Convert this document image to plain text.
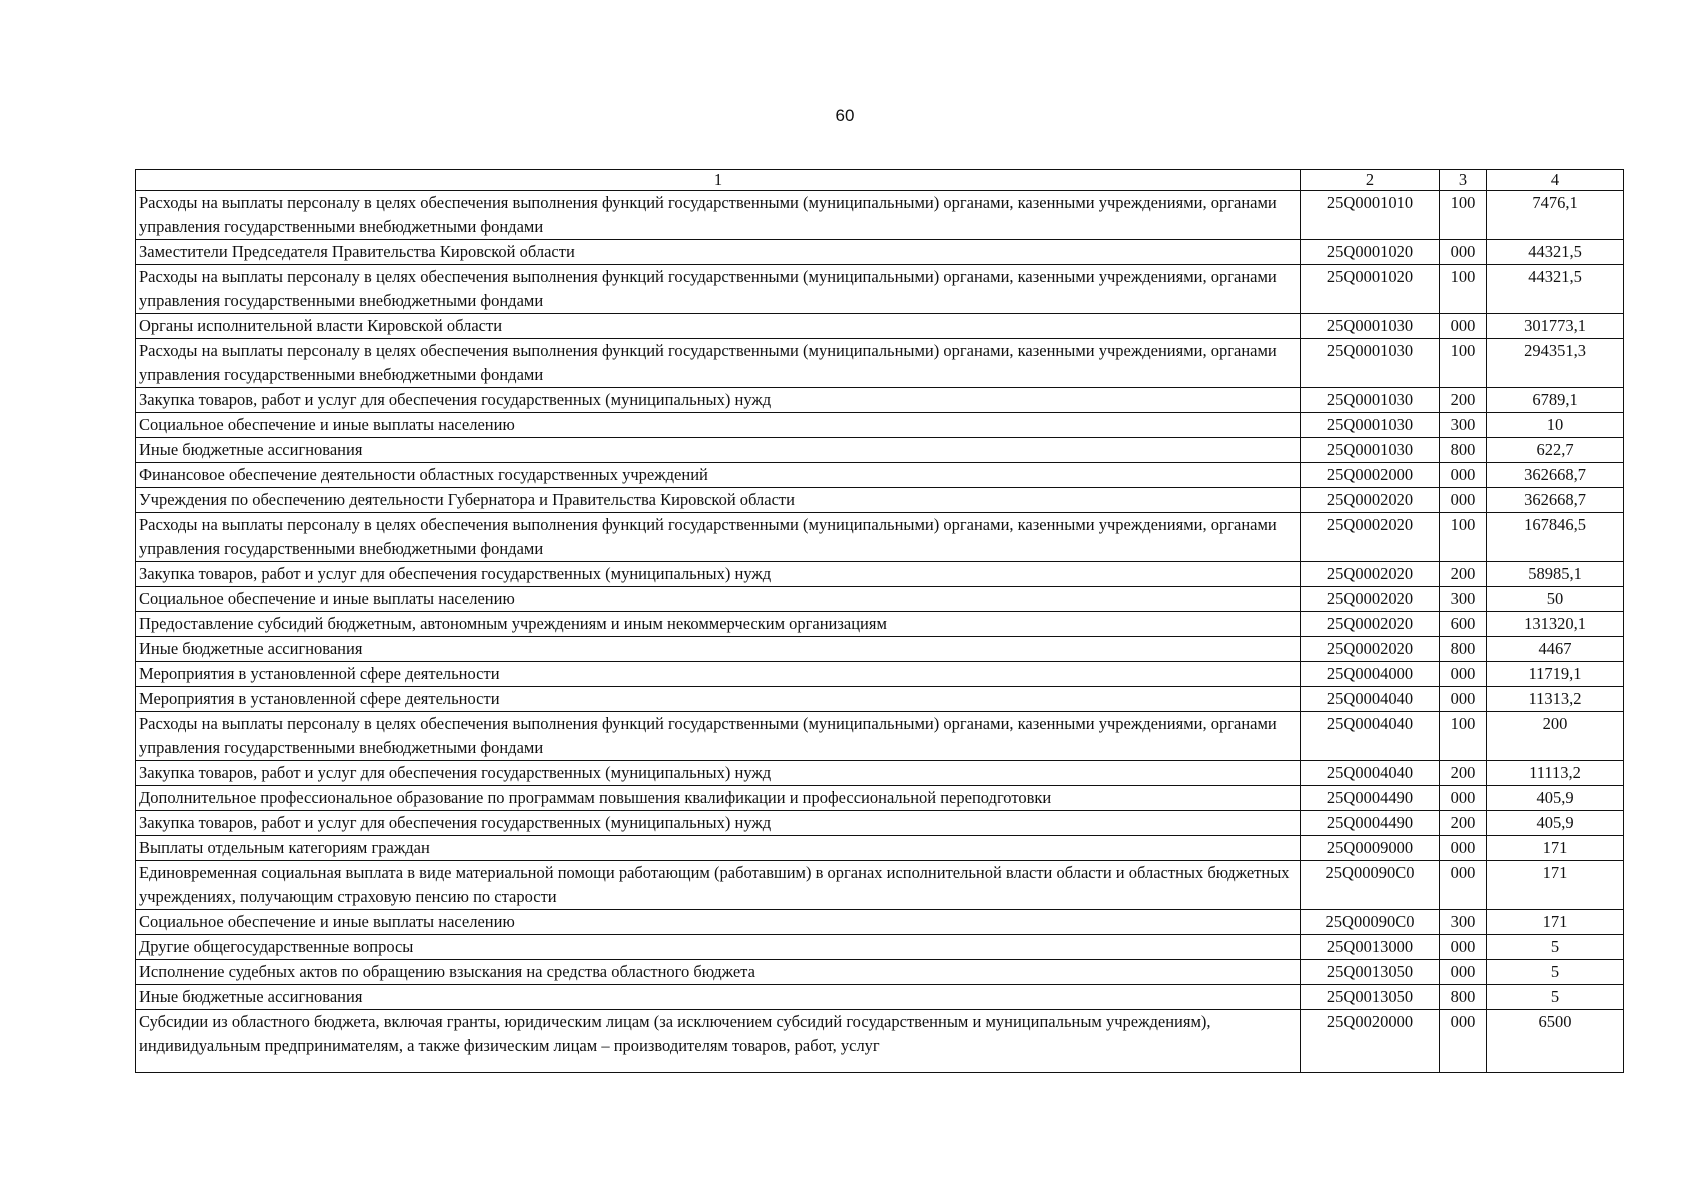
60
1	2	3	4
Расходы на выплаты персоналу в целях обеспечения выполнения функций государственными (муниципальными) органами, казенными учреждениями, органами управления государственными внебюджетными фондами	25Q0001010	100	7476,1
Заместители Председателя Правительства Кировской области	25Q0001020	000	44321,5
Расходы на выплаты персоналу в целях обеспечения выполнения функций государственными (муниципальными) органами, казенными учреждениями, органами управления государственными внебюджетными фондами	25Q0001020	100	44321,5
Органы исполнительной власти Кировской области	25Q0001030	000	301773,1
Расходы на выплаты персоналу в целях обеспечения выполнения функций государственными (муниципальными) органами, казенными учреждениями, органами управления государственными внебюджетными фондами	25Q0001030	100	294351,3
Закупка товаров, работ и услуг для обеспечения государственных (муниципальных) нужд	25Q0001030	200	6789,1
Социальное обеспечение и иные выплаты населению	25Q0001030	300	10
Иные бюджетные ассигнования	25Q0001030	800	622,7
Финансовое обеспечение деятельности областных государственных учреждений	25Q0002000	000	362668,7
Учреждения по обеспечению деятельности Губернатора и Правительства Кировской области	25Q0002020	000	362668,7
Расходы на выплаты персоналу в целях обеспечения выполнения функций государственными (муниципальными) органами, казенными учреждениями, органами управления государственными внебюджетными фондами	25Q0002020	100	167846,5
Закупка товаров, работ и услуг для обеспечения государственных (муниципальных) нужд	25Q0002020	200	58985,1
Социальное обеспечение и иные выплаты населению	25Q0002020	300	50
Предоставление субсидий бюджетным, автономным учреждениям и иным некоммерческим организациям	25Q0002020	600	131320,1
Иные бюджетные ассигнования	25Q0002020	800	4467
Мероприятия в установленной сфере деятельности	25Q0004000	000	11719,1
Мероприятия в установленной сфере деятельности	25Q0004040	000	11313,2
Расходы на выплаты персоналу в целях обеспечения выполнения функций государственными (муниципальными) органами, казенными учреждениями, органами управления государственными внебюджетными фондами	25Q0004040	100	200
Закупка товаров, работ и услуг для обеспечения государственных (муниципальных) нужд	25Q0004040	200	11113,2
Дополнительное профессиональное образование по программам повышения квалификации и профессиональной переподготовки	25Q0004490	000	405,9
Закупка товаров, работ и услуг для обеспечения государственных (муниципальных) нужд	25Q0004490	200	405,9
Выплаты отдельным категориям граждан	25Q0009000	000	171
Единовременная социальная выплата в виде материальной помощи работающим (работавшим) в органах исполнительной власти области и областных бюджетных учреждениях, получающим страховую пенсию по старости	25Q00090C0	000	171
Социальное обеспечение и иные выплаты населению	25Q00090C0	300	171
Другие общегосударственные вопросы	25Q0013000	000	5
Исполнение судебных актов по обращению взыскания на средства областного бюджета	25Q0013050	000	5
Иные бюджетные ассигнования	25Q0013050	800	5
Субсидии из областного бюджета, включая гранты, юридическим лицам (за исключением субсидий государственным и муниципальным учреждениям), индивидуальным предпринимателям, а также физическим лицам – производителям товаров, работ, услуг	25Q0020000	000	6500
